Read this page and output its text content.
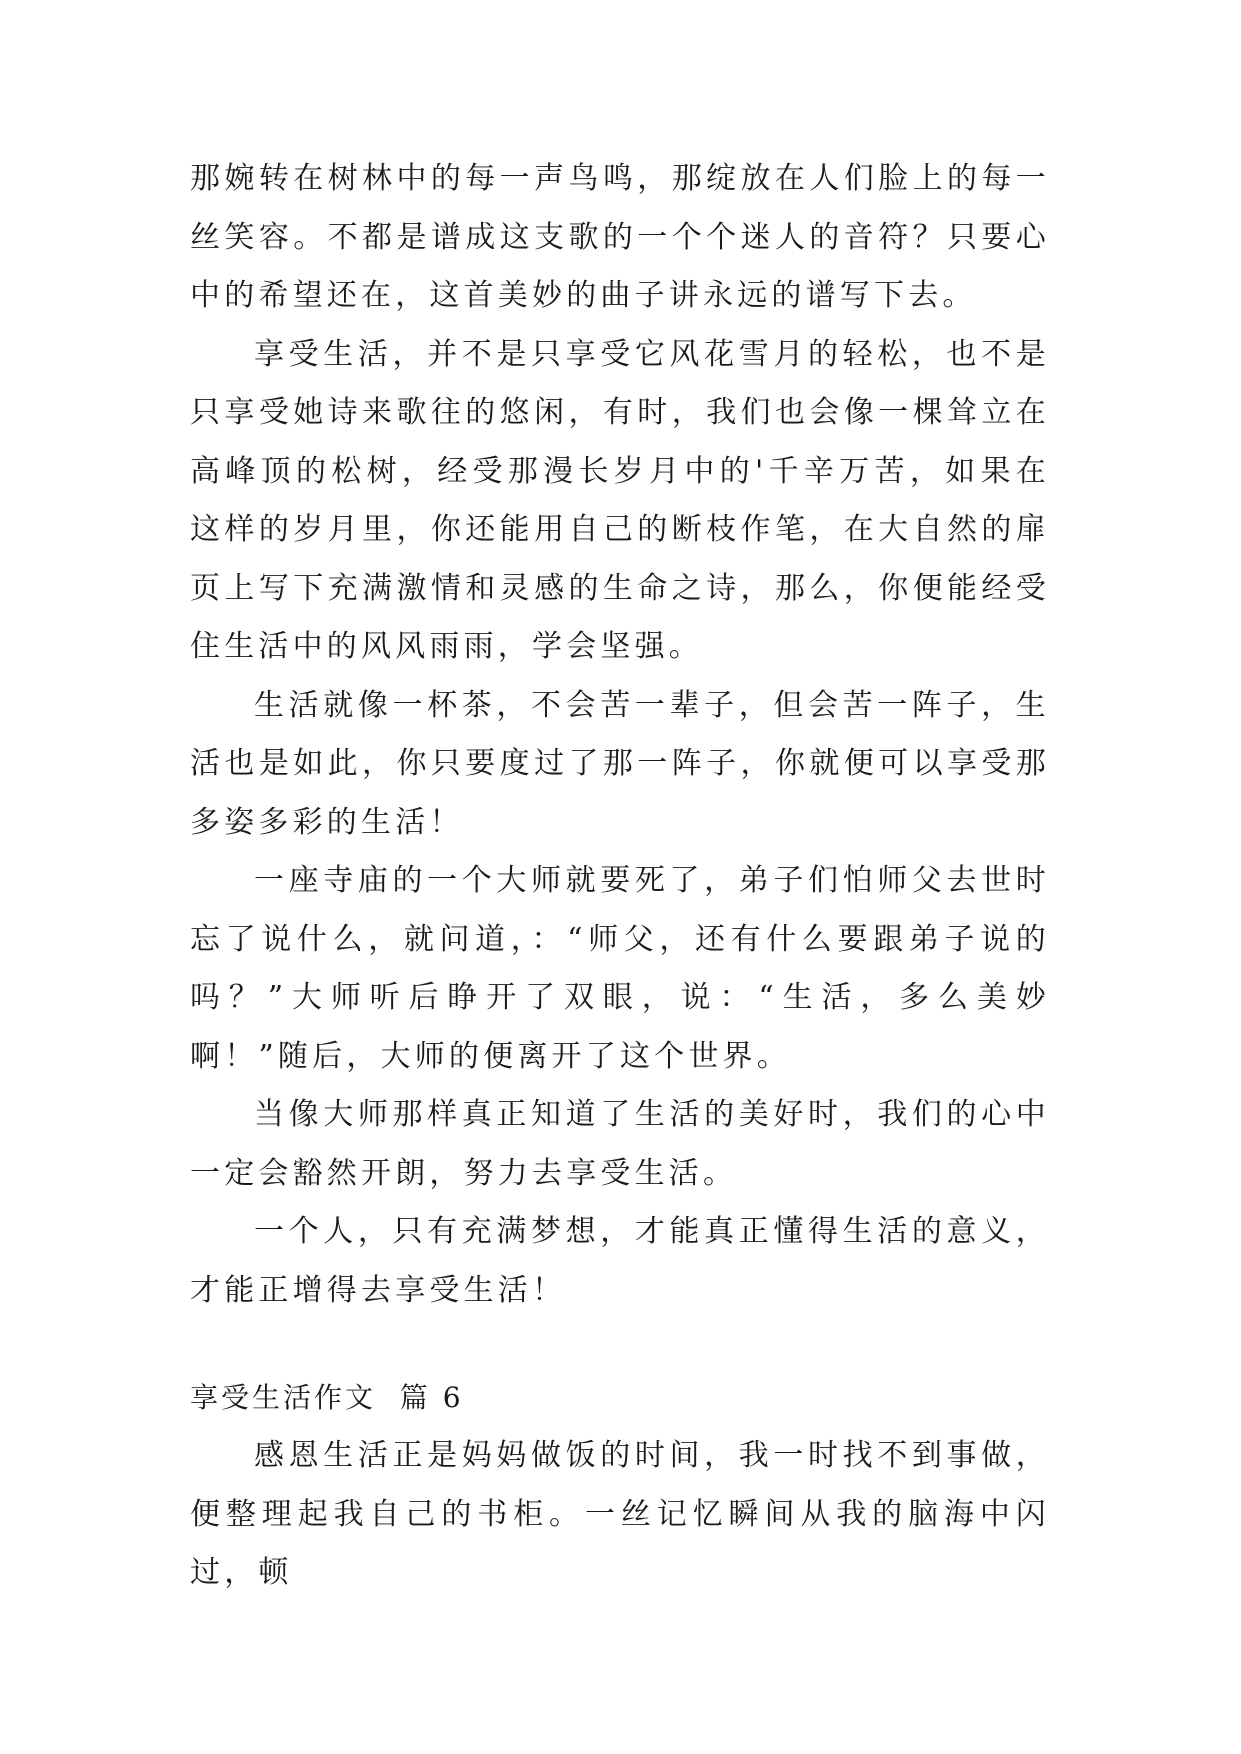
那婉转在树林中的每一声鸟鸣，那绽放在人们脸上的每一丝笑容。不都是谱成这支歌的一个个迷人的音符？只要心中的希望还在，这首美妙的曲子讲永远的谱写下去。

享受生活，并不是只享受它风花雪月的轻松，也不是只享受她诗来歌往的悠闲，有时，我们也会像一棵耸立在高峰顶的松树，经受那漫长岁月中的'千辛万苦，如果在这样的岁月里，你还能用自己的断枝作笔，在大自然的扉页上写下充满激情和灵感的生命之诗，那么，你便能经受住生活中的风风雨雨，学会坚强。

生活就像一杯茶，不会苦一辈子，但会苦一阵子，生活也是如此，你只要度过了那一阵子，你就便可以享受那多姿多彩的生活！

一座寺庙的一个大师就要死了，弟子们怕师父去世时忘了说什么，就问道，：“师父，还有什么要跟弟子说的吗？”大师听后睁开了双眼，说：“生活，多么美妙啊！”随后，大师的便离开了这个世界。

当像大师那样真正知道了生活的美好时，我们的心中一定会豁然开朗，努力去享受生活。

一个人，只有充满梦想，才能真正懂得生活的意义，才能正增得去享受生活！

享受生活作文  篇 6

感恩生活正是妈妈做饭的时间，我一时找不到事做，便整理起我自己的书柜。一丝记忆瞬间从我的脑海中闪过，顿
